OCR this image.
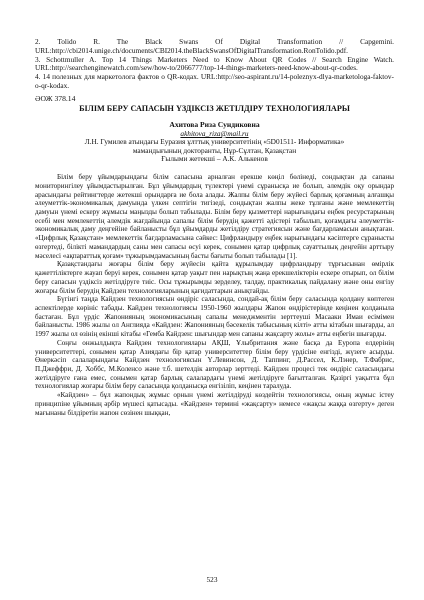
2. Tolido R. The Black Swans Of Digital Transformation // Capgemini. URL:http://cbi2014.unige.ch/documents/CBI2014.theBlackSwansOfDigitalTransformation.RonTolido.pdf.

3. Schottmuller A. Top 14 Things Marketers Need to Know About QR Codes // Search Engine Watch. URL:http://searchenginewatch.com/sew/how-to/2066777/top-14-things-marketers-need-know-about-qr-codes.

4. 14 полезных для маркетолога фактов о QR-кодах. URL:http://seo-aspirant.ru/14-poleznyx-dlya-marketologa-faktov-o-qr-kodax.

ӘОЖ 378.14
БІЛІМ БЕРУ САПАСЫН ҮЗДІКСІЗ ЖЕТІЛДІРУ ТЕХНОЛОГИЯЛАРЫ
Ахитова Риза Сундиковна
akhitova_riza@mail.ru
Л.Н. Гумилев атындағы Еуразия ұлттық университетінің «5D01511- Информатика»
мамандығының докторанты, Нұр-Сұлтан, Қазақстан
Ғылыми жетекші – А.К. Алькенов

Білім беру ұйымдарындағы білім сапасына арналған ерекше көңіл бөлінеді, сондықтан да сапаны мониторингілеу ұйымдастырылған. Бұл ұйымдардың түлектері үнемі сұранысқа ие болып, әлемдік оқу орындар арасындағы рейтингтерде жетекші орындарға ие бола алады. Жалпы білім беру жүйесі барлық қоғамның алғашқы әлеуметтік-экономикалық дамуында үлкен септігін тигізеді, сондықтан жалпы жеке тұлғаны және мемлекеттің дамуын үнемі ескеру жұмысы маңызды болып табылады. Білім беру қызметтері нарығындағы еңбек ресурстарының есебі мен мемлекеттің әлемдік жағдайында сапалы білім берудің қажетті әдістері табылып, қоғамдағы әлеуметтік-экономикалық даму деңгейіне байланысты бұл ұйымдарды жетілдіру стратегиясын және бағдарламасын анықтаған. «Цифрлық Қазақстан» мемлекеттік бағдарламасына сәйкес: Цифрландыру еңбек нарығындағы кәсіптерге сұранысты өзгертеді, білікті мамандардың саны мен сапасы өсуі керек, сонымен қатар цифрлық сауаттылық деңгейін арттыру мәселесі «ақпараттық қоғам» тұжырымдамасының басты бағыты болып табылады [1].

Қазақстандағы жоғары білім беру жүйесін қайта құрылымдау цифрландыру тұрғысынан өмірлік қажеттіліктерге жауап беруі керек, сонымен қатар уақыт пен нарықтың жаңа ерекшеліктерін ескере отырып, ол білім беру сапасын үздіксіз жетілдіруге тиіс. Осы тұжырымды зерделеу, талдау, практикалық пайдалану және оны енгізу жоғары білім берудің Кайдзен технологияларының қағидаттарын анықтайды.

Бүгінгі таңда Кайдзен технологиясын өндіріс саласында, сондай-ақ білім беру саласында қолдану көптеген аспектілерде көрініс табады. Кайдзен технологиясы 1950-1960 жылдары Жапон өндірістерінде кеңінен қолданыла бастаған. Бұл үрдіс Жапонияның экономикасының сапалы менеджментін зерттеуші Масааки Имаи есімімен байланысты. 1986 жылы ол Англияда «Кайдзен: Жапонияның бәсекелік табысының кілті» атты кітабын шығарды, ал 1997 жылы ол өзінің екінші кітабы «Гемба Кайдзен: шығындар мен сапаны жақсарту жолы» атты еңбегін шығарды.

Соңғы онжылдықта Кайдзен технологиялары АҚШ, Ұлыбритания және басқа да Еуропа елдерінің университеттері, сонымен қатар Азиядағы бір қатар университеттер білім беру үрдісіне енгізді, жүзеге асырды. Өнеркәсіп салаларындағы Кайдзен технологиясын Ү.Левинсон, Д. Таппинг, Д.Рассел, К.Лэнер, Т.Фабрис, П.Джеффри, Д. Хоббс, М.Коленсо және т.б. шетелдік авторлар зерттеді. Кайдзен процесі тек өндіріс саласындағы жетілдіруге ғана емес, сонымен қатар барлық салалардағы үнемі жетілдіруге бағытталған. Қазіргі уақытта бұл технологиялар жоғары білім беру саласында қолданысқа енгізіліп, кеңінен таралуда.

«Кайдзен» – бұл жапондық жұмыс орнын үнемі жетілдіруді көздейтін технологиясы, оның жұмыс істеу принципіне ұйымның әрбір мүшесі қатысады. «Кайдзен» термині «жақсарту» немесе «жақсы жаққа өзгерту» деген мағынаны білдіретін жапон сөзінен шыққан,

523
